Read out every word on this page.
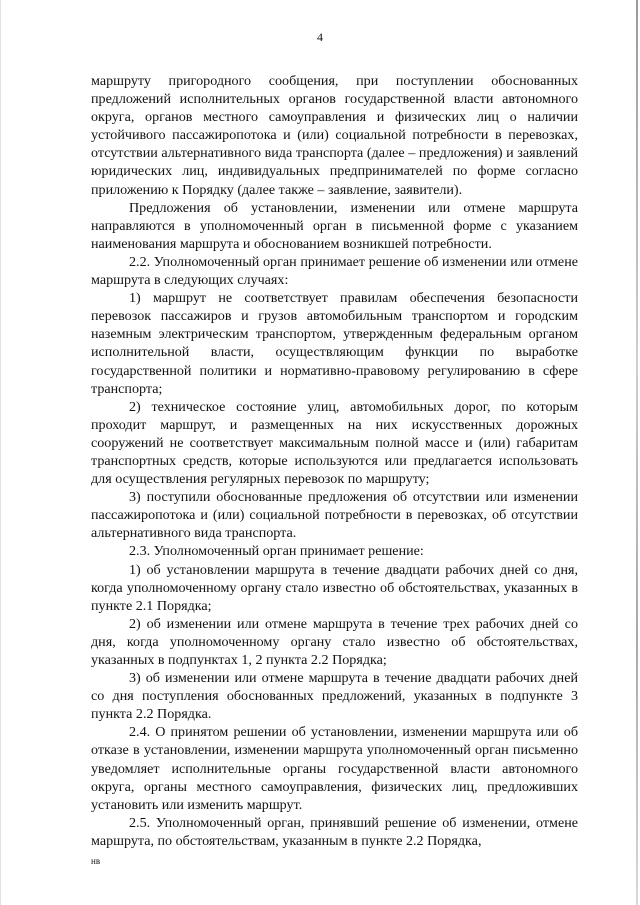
4

маршруту пригородного сообщения, при поступлении обоснованных предложений исполнительных органов государственной власти автономного округа, органов местного самоуправления и физических лиц о наличии устойчивого пассажиропотока и (или) социальной потребности в перевозках, отсутствии альтернативного вида транспорта (далее – предложения) и заявлений юридических лиц, индивидуальных предпринимателей по форме согласно приложению к Порядку (далее также – заявление, заявители).

Предложения об установлении, изменении или отмене маршрута направляются в уполномоченный орган в письменной форме с указанием наименования маршрута и обоснованием возникшей потребности.

2.2. Уполномоченный орган принимает решение об изменении или отмене маршрута в следующих случаях:

1) маршрут не соответствует правилам обеспечения безопасности перевозок пассажиров и грузов автомобильным транспортом и городским наземным электрическим транспортом, утвержденным федеральным органом исполнительной власти, осуществляющим функции по выработке государственной политики и нормативно-правовому регулированию в сфере транспорта;

2) техническое состояние улиц, автомобильных дорог, по которым проходит маршрут, и размещенных на них искусственных дорожных сооружений не соответствует максимальным полной массе и (или) габаритам транспортных средств, которые используются или предлагается использовать для осуществления регулярных перевозок по маршруту;

3) поступили обоснованные предложения об отсутствии или изменении пассажиропотока и (или) социальной потребности в перевозках, об отсутствии альтернативного вида транспорта.

2.3. Уполномоченный орган принимает решение:

1) об установлении маршрута в течение двадцати рабочих дней со дня, когда уполномоченному органу стало известно об обстоятельствах, указанных в пункте 2.1 Порядка;

2) об изменении или отмене маршрута в течение трех рабочих дней со дня, когда уполномоченному органу стало известно об обстоятельствах, указанных в подпунктах 1, 2 пункта 2.2 Порядка;

3) об изменении или отмене маршрута в течение двадцати рабочих дней со дня поступления обоснованных предложений, указанных в подпункте 3 пункта 2.2 Порядка.

2.4. О принятом решении об установлении, изменении маршрута или об отказе в установлении, изменении маршрута уполномоченный орган письменно уведомляет исполнительные органы государственной власти автономного округа, органы местного самоуправления, физических лиц, предложивших установить или изменить маршрут.

2.5. Уполномоченный орган, принявший решение об изменении, отмене маршрута, по обстоятельствам, указанным в пункте 2.2 Порядка,

нв
